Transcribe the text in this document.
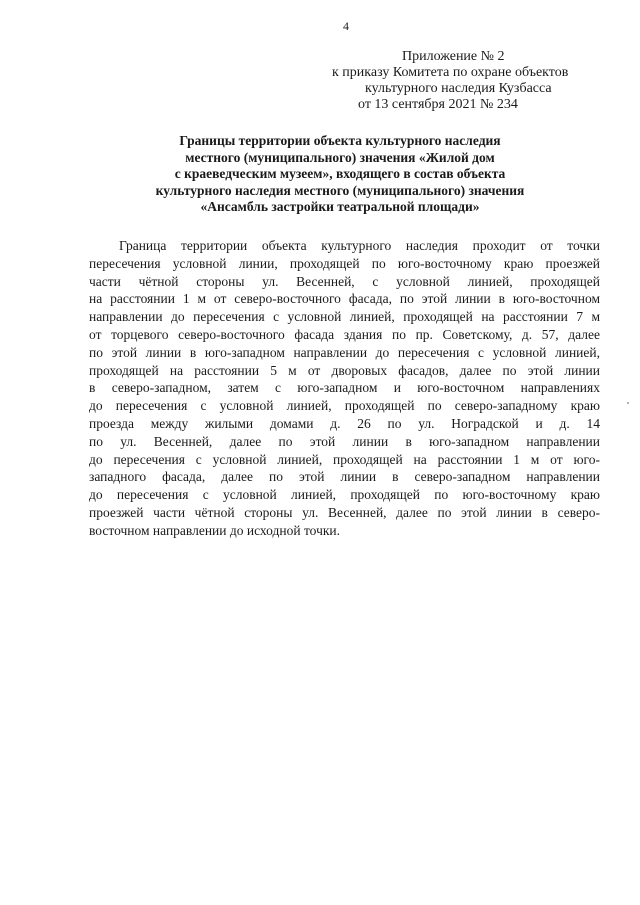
4
Приложение № 2
к приказу Комитета по охране объектов
культурного наследия Кузбасса
от 13 сентября 2021 № 234
Границы территории объекта культурного наследия
местного (муниципального) значения «Жилой дом
с краеведческим музеем», входящего в состав объекта
культурного наследия местного (муниципального) значения
«Ансамбль застройки театральной площади»
Граница территории объекта культурного наследия проходит от точки
пересечения условной линии, проходящей по юго-восточному краю проезжей
части чётной стороны ул. Весенней, с условной линией, проходящей
на расстоянии 1 м от северо-восточного фасада, по этой линии в юго-восточном
направлении до пересечения с условной линией, проходящей на расстоянии 7 м
от торцевого северо-восточного фасада здания по пр. Советскому, д. 57, далее
по этой линии в юго-западном направлении до пересечения с условной линией,
проходящей на расстоянии 5 м от дворовых фасадов, далее по этой линии
в северо-западном, затем с юго-западном и юго-восточном направлениях
до пересечения с условной линией, проходящей по северо-западному краю
проезда между жилыми домами д. 26 по ул. Ноградской и д. 14
по ул. Весенней, далее по этой линии в юго-западном направлении
до пересечения с условной линией, проходящей на расстоянии 1 м от юго-
западного фасада, далее по этой линии в северо-западном направлении
до пересечения с условной линией, проходящей по юго-восточному краю
проезжей части чётной стороны ул. Весенней, далее по этой линии в северо-
восточном направлении до исходной точки.
